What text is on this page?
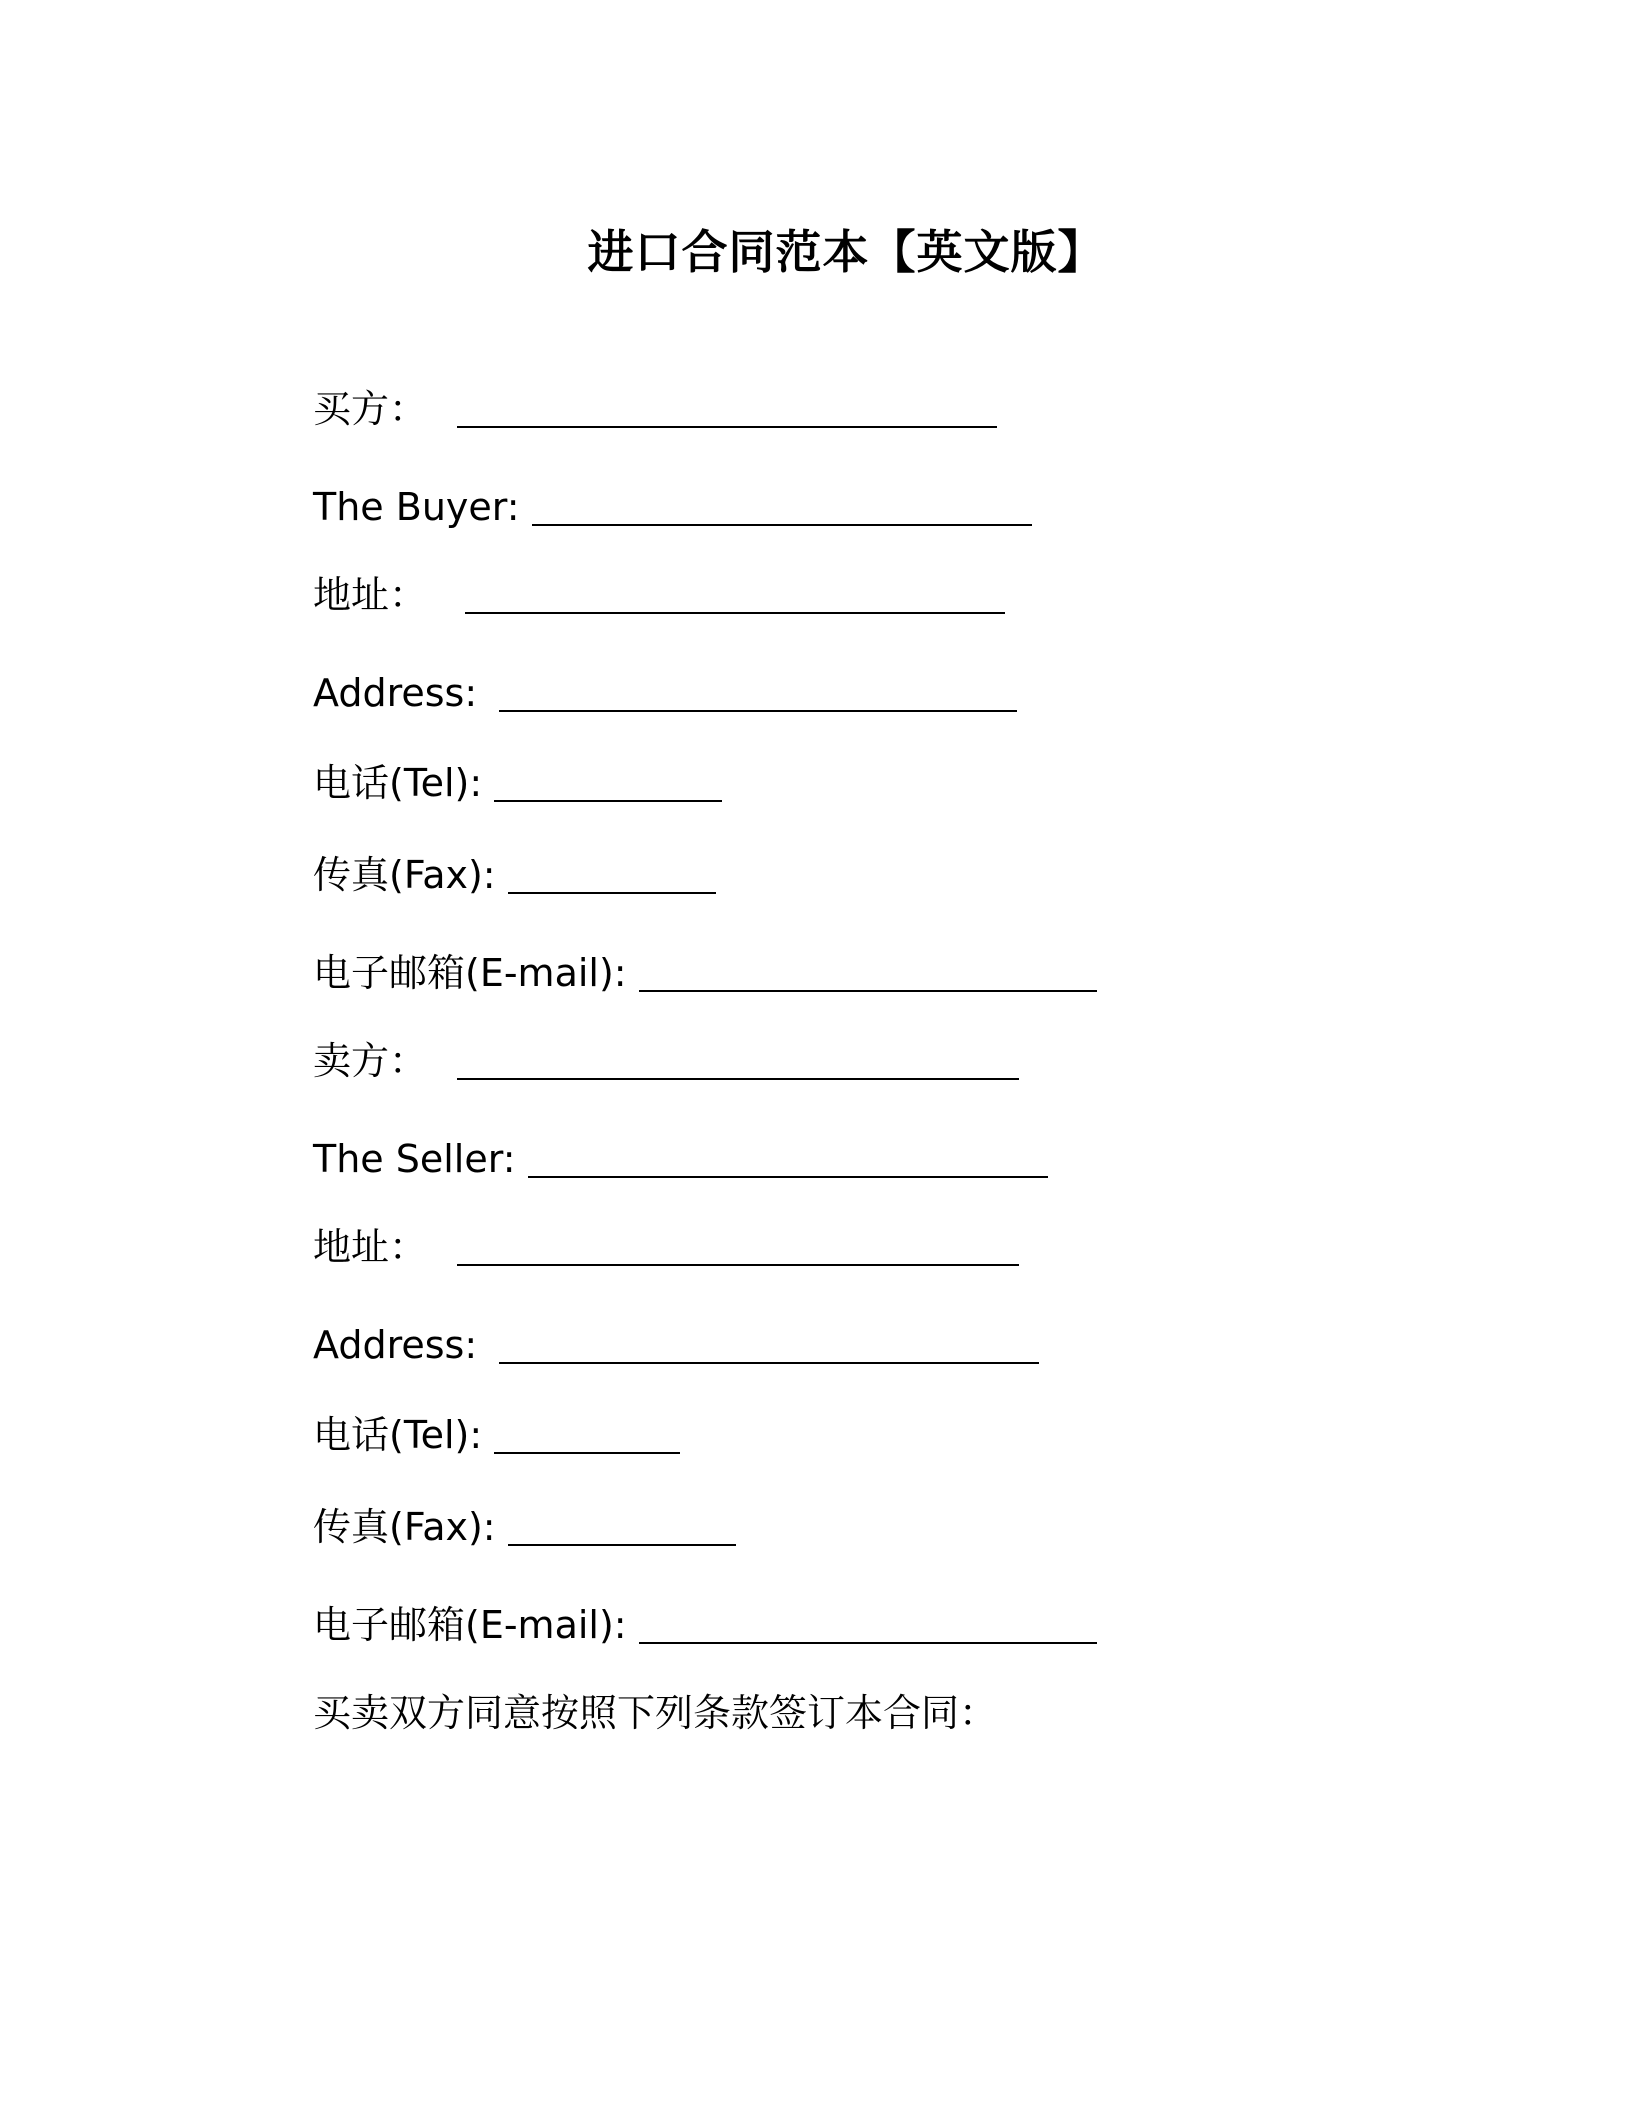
进口合同范本【英文版】
买方：
The Buyer:
地址：
Address:
电话(Tel):
传真(Fax):
电子邮箱(E-mail):
卖方：
The Seller:
地址：
Address:
电话(Tel):
传真(Fax):
电子邮箱(E-mail):
买卖双方同意按照下列条款签订本合同：
